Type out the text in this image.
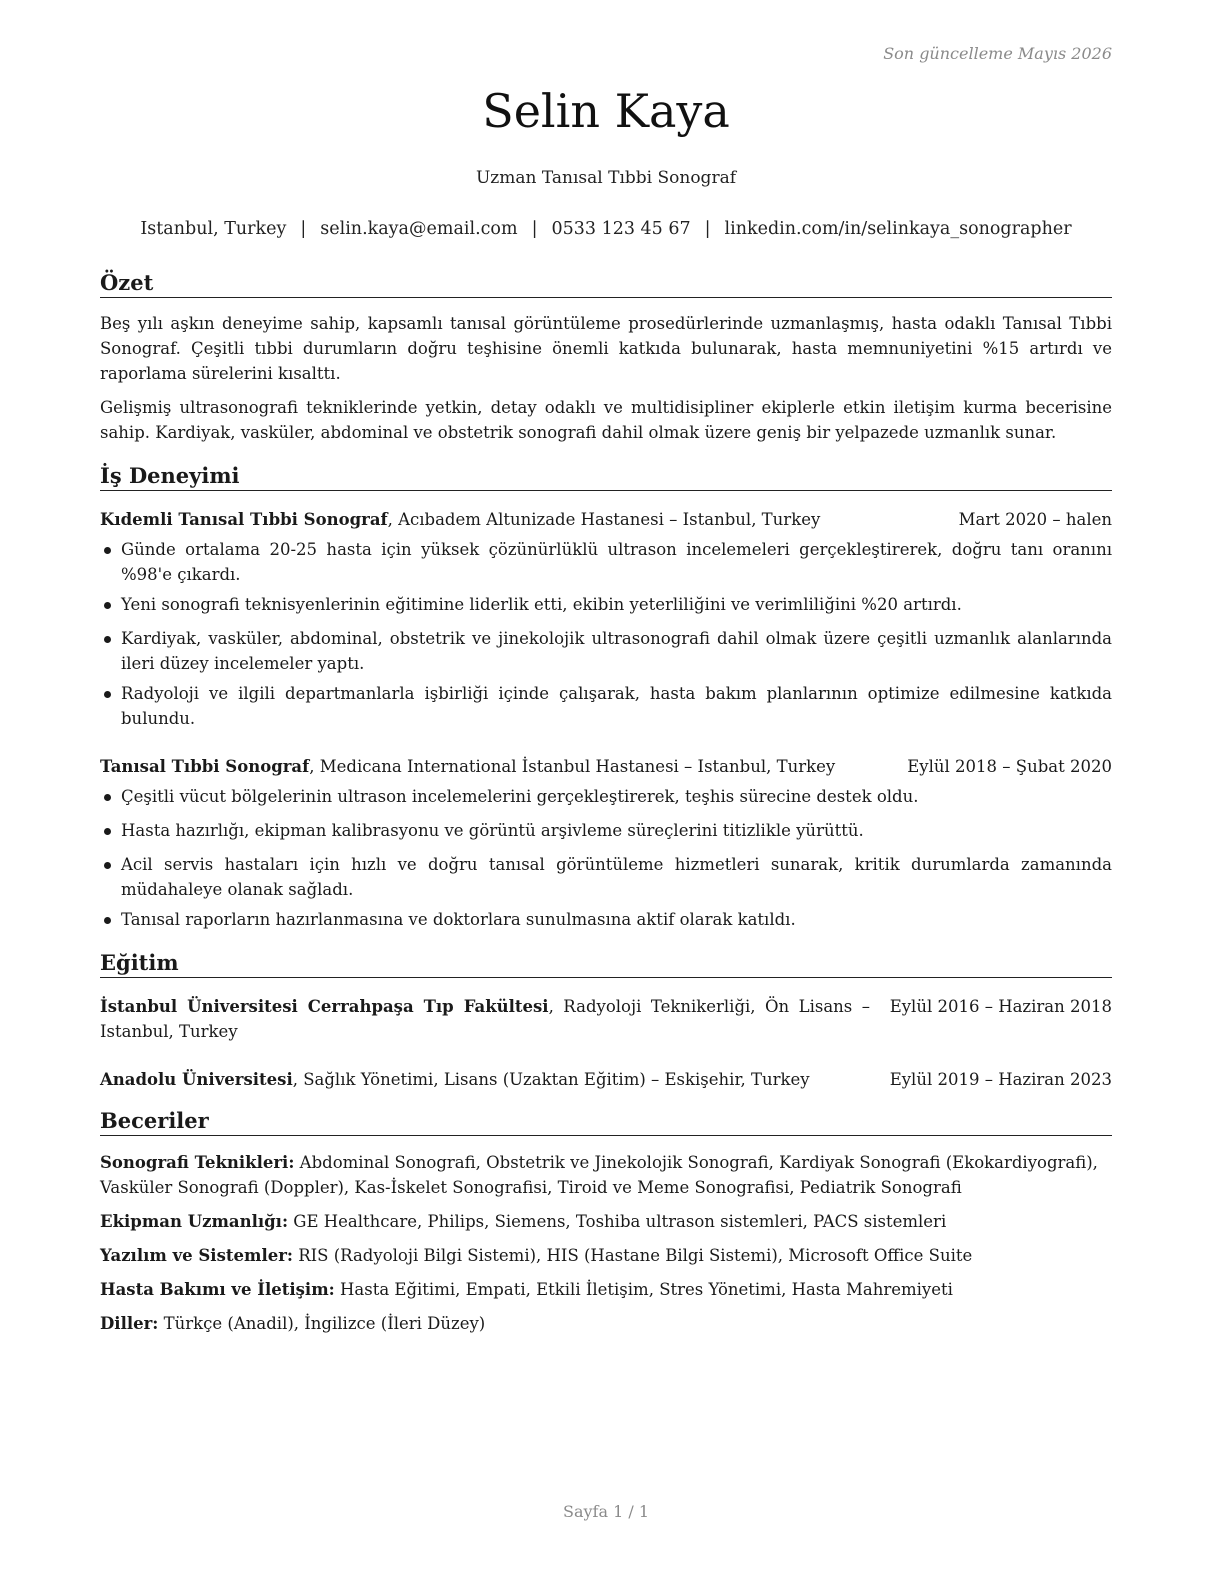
Son güncelleme Mayıs 2026
Selin Kaya
Uzman Tanısal Tıbbi Sonograf
Istanbul, Turkey | selin.kaya@email.com | 0533 123 45 67 | linkedin.com/in/selinkaya_sonographer
Özet

Beş yılı aşkın deneyime sahip, kapsamlı tanısal görüntüleme prosedürlerinde uzmanlaşmış, hasta odaklı Tanısal Tıbbi Sonograf. Çeşitli tıbbi durumların doğru teşhisine önemli katkıda bulunarak, hasta memnuniyetini %15 artırdı ve raporlama sürelerini kısalttı.

Gelişmiş ultrasonografi tekniklerinde yetkin, detay odaklı ve multidisipliner ekiplerle etkin iletişim kurma becerisine sahip. Kardiyak, vasküler, abdominal ve obstetrik sonografi dahil olmak üzere geniş bir yelpazede uzmanlık sunar.

İş Deneyimi
Kıdemli Tanısal Tıbbi Sonograf, Acıbadem Altunizade Hastanesi – Istanbul, Turkey	Mart 2020 – halen
Günde ortalama 20-25 hasta için yüksek çözünürlüklü ultrason incelemeleri gerçekleştirerek, doğru tanı oranını %98'e çıkardı.
Yeni sonografi teknisyenlerinin eğitimine liderlik etti, ekibin yeterliliğini ve verimliliğini %20 artırdı.
Kardiyak, vasküler, abdominal, obstetrik ve jinekolojik ultrasonografi dahil olmak üzere çeşitli uzmanlık alanlarında ileri düzey incelemeler yaptı.
Radyoloji ve ilgili departmanlarla işbirliği içinde çalışarak, hasta bakım planlarının optimize edilmesine katkıda bulundu.
Tanısal Tıbbi Sonograf, Medicana International İstanbul Hastanesi – Istanbul, Turkey	Eylül 2018 – Şubat 2020
Çeşitli vücut bölgelerinin ultrason incelemelerini gerçekleştirerek, teşhis sürecine destek oldu.
Hasta hazırlığı, ekipman kalibrasyonu ve görüntü arşivleme süreçlerini titizlikle yürüttü.
Acil servis hastaları için hızlı ve doğru tanısal görüntüleme hizmetleri sunarak, kritik durumlarda zamanında müdahaleye olanak sağladı.
Tanısal raporların hazırlanmasına ve doktorlara sunulmasına aktif olarak katıldı.
Eğitim
İstanbul Üniversitesi Cerrahpaşa Tıp Fakültesi, Radyoloji Teknikerliği, Ön Lisans – Istanbul, Turkey
Eylül 2016 – Haziran 2018
Anadolu Üniversitesi, Sağlık Yönetimi, Lisans (Uzaktan Eğitim) – Eskişehir, Turkey	Eylül 2019 – Haziran 2023
Beceriler
Sonografi Teknikleri: Abdominal Sonografi, Obstetrik ve Jinekolojik Sonografi, Kardiyak Sonografi (Ekokardiyografi), Vasküler Sonografi (Doppler), Kas-İskelet Sonografisi, Tiroid ve Meme Sonografisi, Pediatrik Sonografi
Ekipman Uzmanlığı: GE Healthcare, Philips, Siemens, Toshiba ultrason sistemleri, PACS sistemleri
Yazılım ve Sistemler: RIS (Radyoloji Bilgi Sistemi), HIS (Hastane Bilgi Sistemi), Microsoft Office Suite
Hasta Bakımı ve İletişim: Hasta Eğitimi, Empati, Etkili İletişim, Stres Yönetimi, Hasta Mahremiyeti
Diller: Türkçe (Anadil), İngilizce (İleri Düzey)
Sayfa 1 / 1
